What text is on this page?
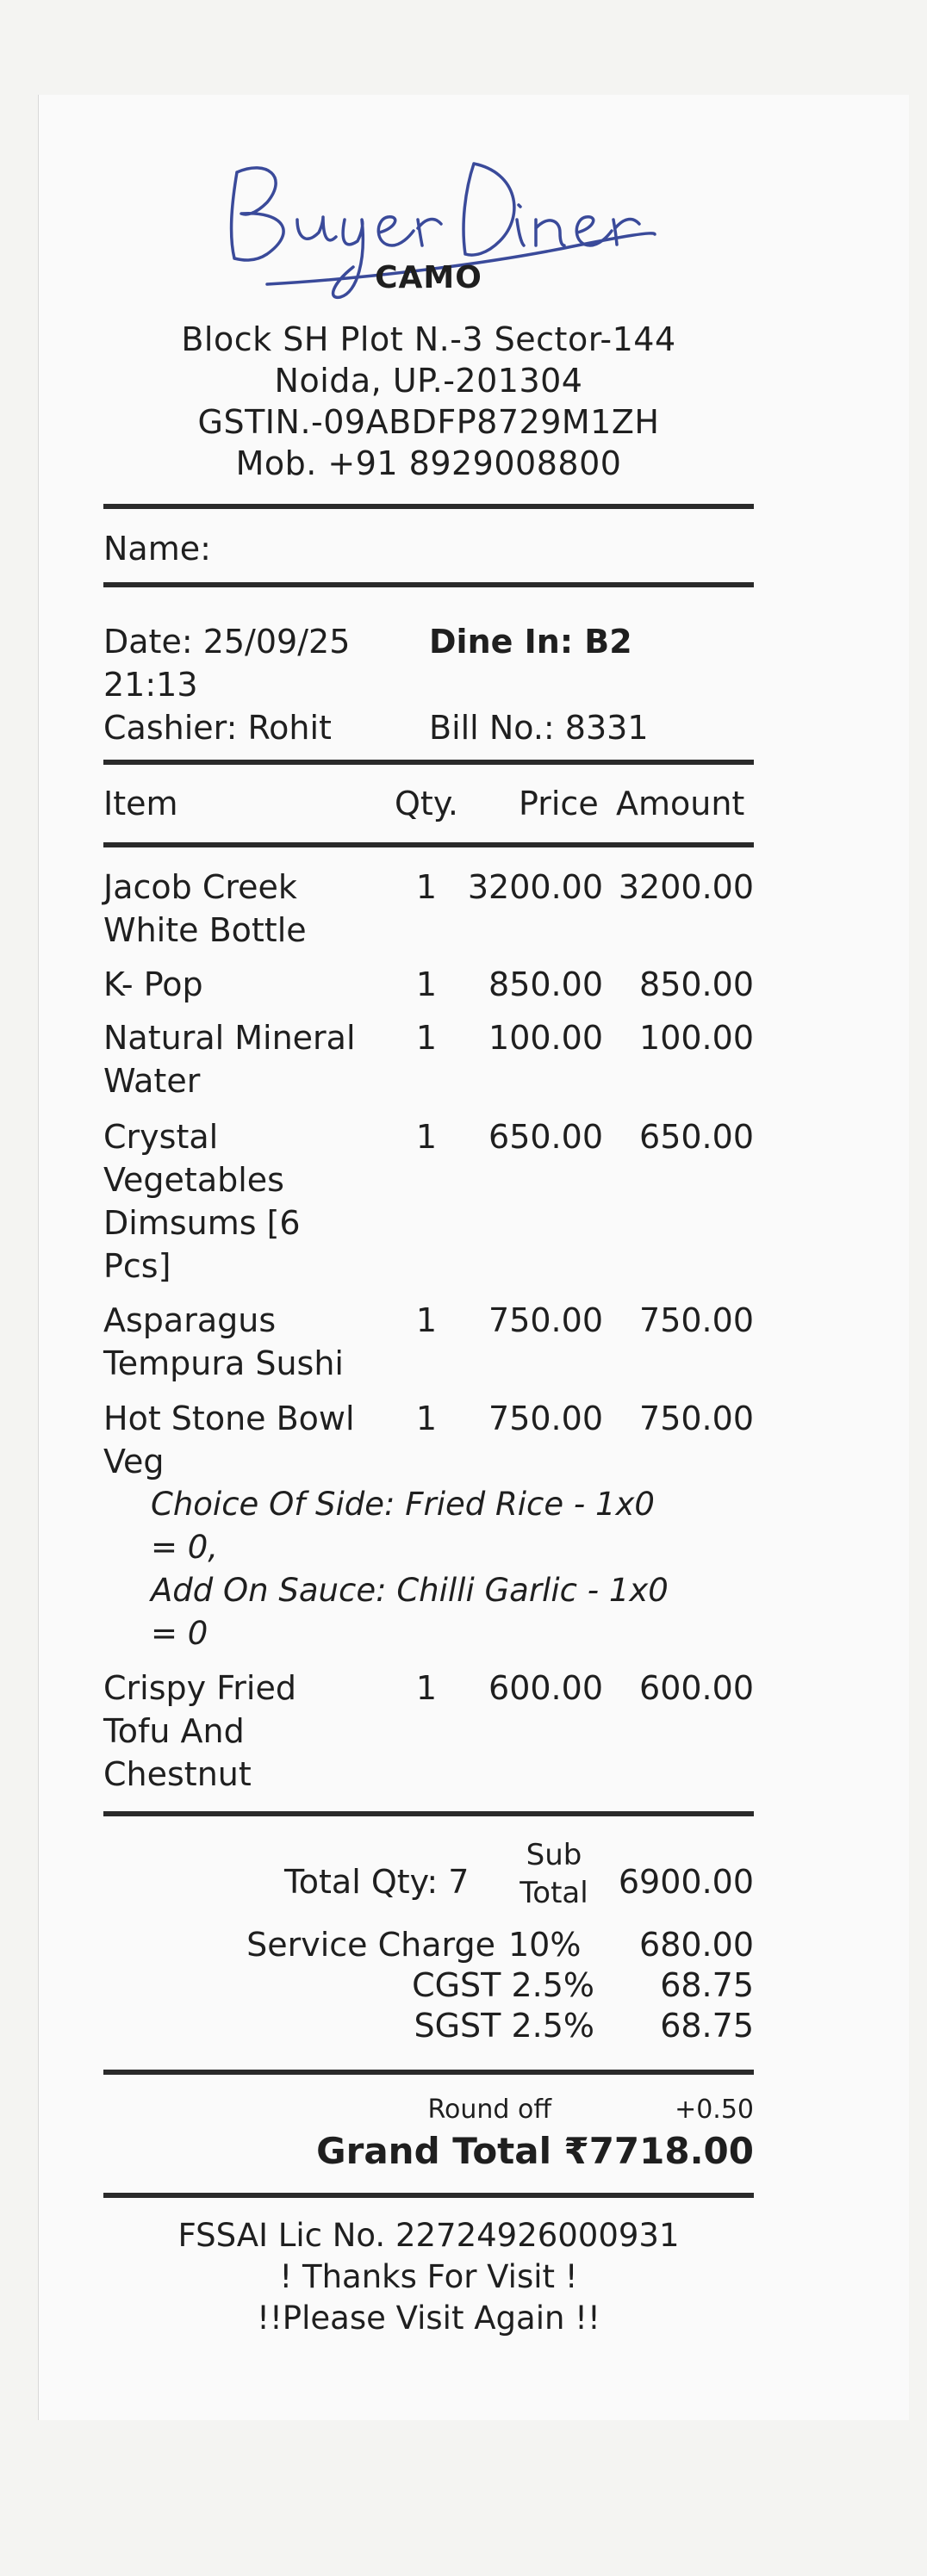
CAMO
Block SH Plot N.-3 Sector-144
Noida, UP.-201304
GSTIN.-09ABDFP8729M1ZH
Mob. +91 8929008800
Name:
Date: 25/09/25 Dine In: B2
21:13
Cashier: Rohit	Bill No.: 8331
Item	Qty. Price Amount
Jacob Creek
White Bottle
1 3200.00 3200.00
K- Pop	1	850.00	850.00
Natural Mineral
Water
1	100.00	100.00
Crystal
Vegetables
Dimsums [6
Pcs]
1	650.00	650.00
Asparagus
Tempura Sushi
1	750.00	750.00
Hot Stone Bowl
Veg
1	750.00	750.00
Choice Of Side: Fried Rice - 1x0
= 0,
Add On Sauce: Chilli Garlic - 1x0
= 0
Crispy Fried
Tofu And
Chestnut
1	600.00	600.00
Total Qty: 7
Sub
Total 6900.00
Service Charge 10%	680.00
CGST 2.5%	68.75
SGST 2.5%	68.75
Round off	+0.50
Grand Total ₹7718.00
FSSAI Lic No. 22724926000931
! Thanks For Visit !
!!Please Visit Again !!
